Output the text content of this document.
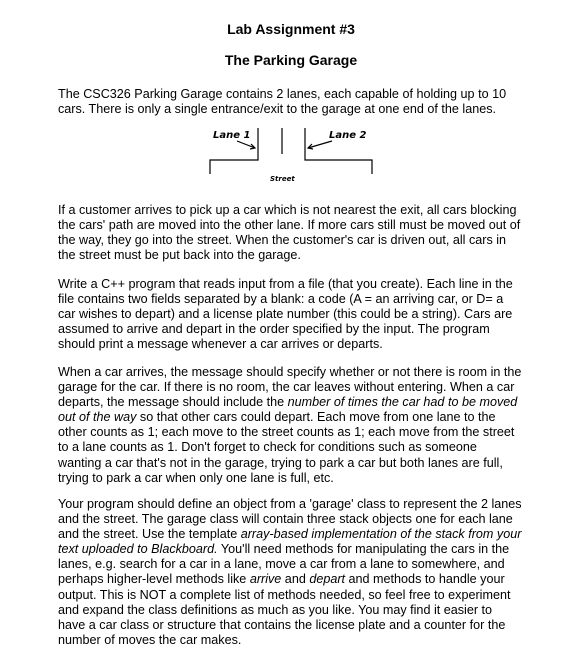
Lab Assignment #3
The Parking Garage
The CSC326 Parking Garage contains 2 lanes, each capable of holding up to 10 cars. There is only a single entrance/exit to the garage at one end of the lanes.
Lane 1	Lane 2
Street
If a customer arrives to pick up a car which is not nearest the exit, all cars blocking the cars' path are moved into the other lane. If more cars still must be moved out of the way, they go into the street. When the customer's car is driven out, all cars in the street must be put back into the garage.
Write a C++ program that reads input from a file (that you create). Each line in the file contains two fields separated by a blank: a code (A = an arriving car, or D= a car wishes to depart) and a license plate number (this could be a string). Cars are assumed to arrive and depart in the order specified by the input. The program should print a message whenever a car arrives or departs.
When a car arrives, the message should specify whether or not there is room in the garage for the car. If there is no room, the car leaves without entering. When a car departs, the message should include the number of times the car had to be moved out of the way so that other cars could depart. Each move from one lane to the other counts as 1; each move to the street counts as 1; each move from the street to a lane counts as 1. Don't forget to check for conditions such as someone wanting a car that's not in the garage, trying to park a car but both lanes are full, trying to park a car when only one lane is full, etc.
Your program should define an object from a 'garage' class to represent the 2 lanes and the street. The garage class will contain three stack objects one for each lane and the street. Use the template array-based implementation of the stack from your text uploaded to Blackboard. You'll need methods for manipulating the cars in the lanes, e.g. search for a car in a lane, move a car from a lane to somewhere, and perhaps higher-level methods like arrive and depart and methods to handle your output. This is NOT a complete list of methods needed, so feel free to experiment and expand the class definitions as much as you like. You may find it easier to have a car class or structure that contains the license plate and a counter for the number of moves the car makes.
